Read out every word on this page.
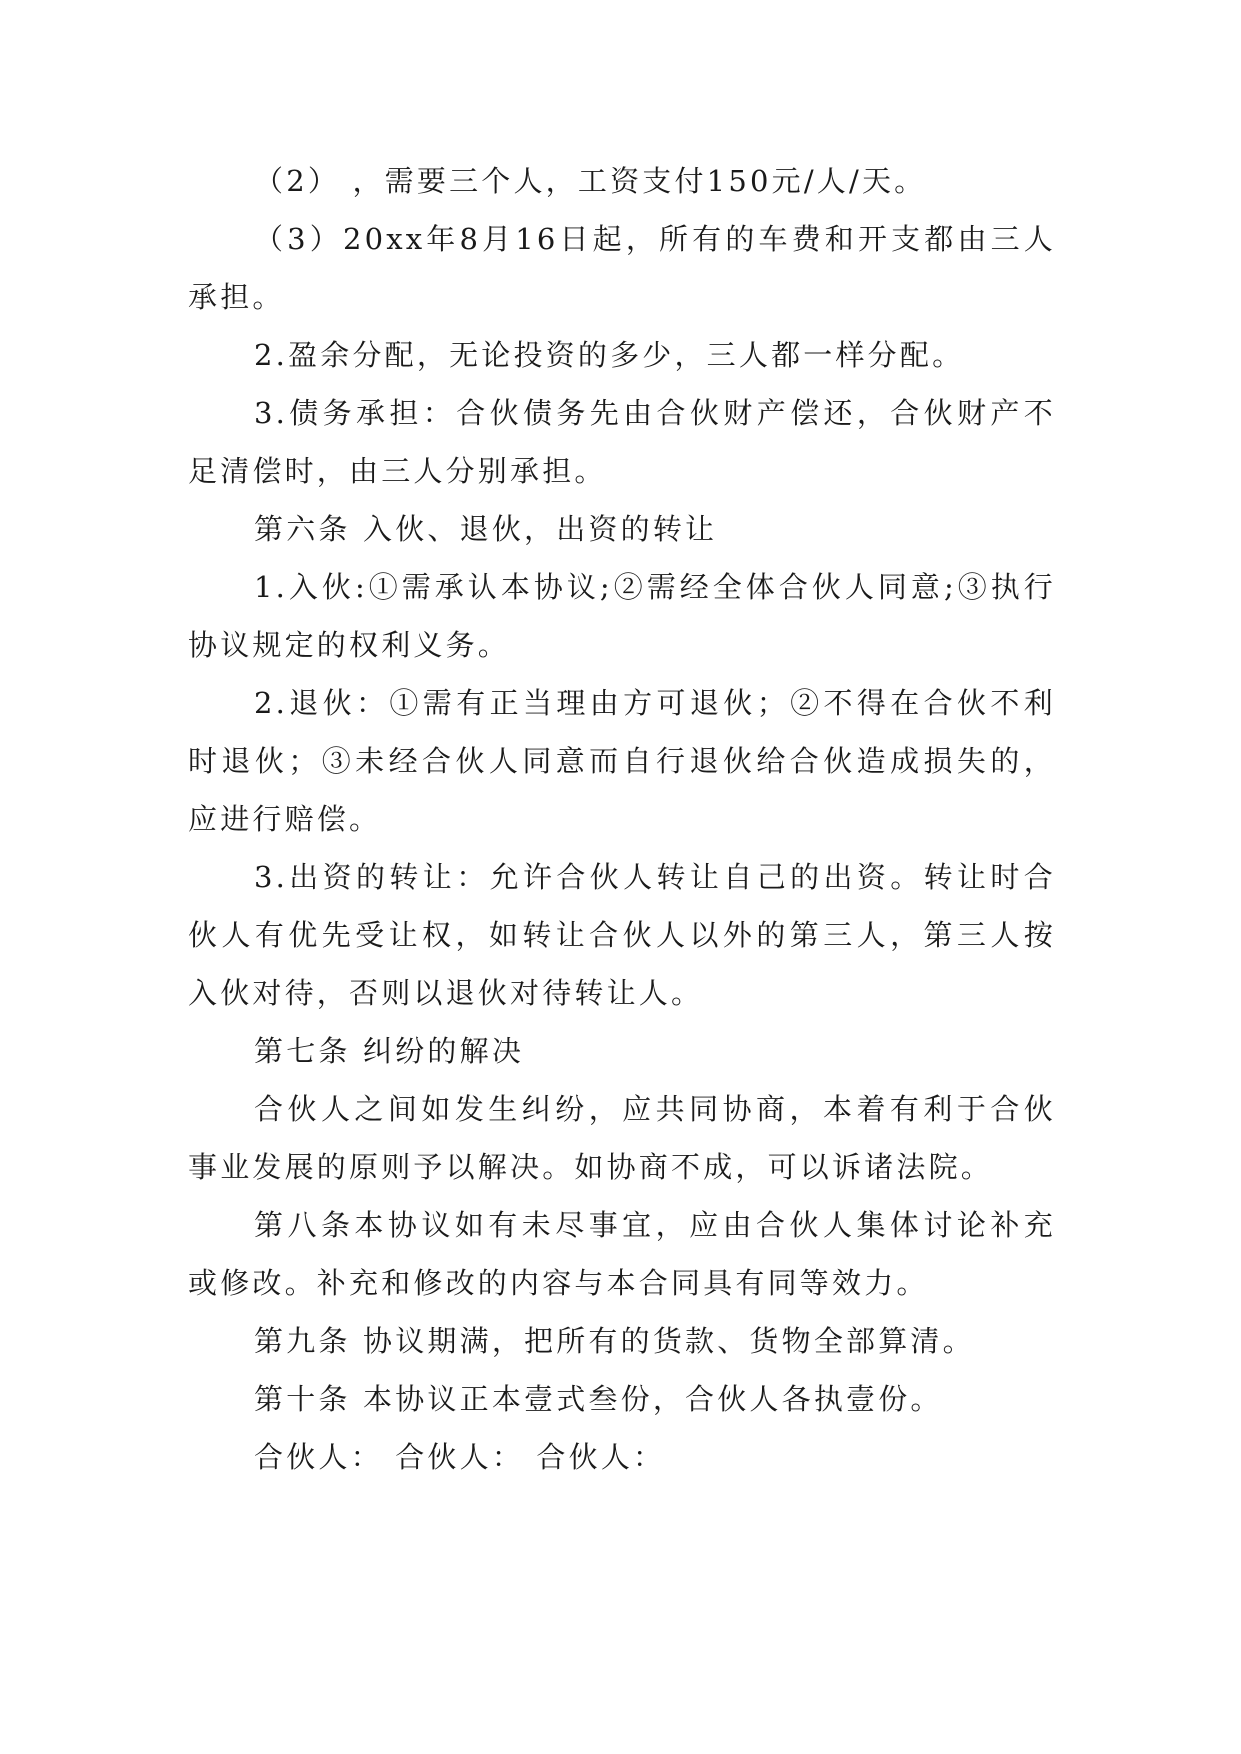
（2） ，需要三个人，工资支付150元/人/天。

（3）20xx年8月16日起，所有的车费和开支都由三人承担。

2.盈余分配，无论投资的多少，三人都一样分配。

3.债务承担：合伙债务先由合伙财产偿还，合伙财产不足清偿时，由三人分别承担。

第六条 入伙、退伙，出资的转让

1.入伙:①需承认本协议;②需经全体合伙人同意;③执行协议规定的权利义务。

2.退伙：①需有正当理由方可退伙；②不得在合伙不利时退伙；③未经合伙人同意而自行退伙给合伙造成损失的，应进行赔偿。

3.出资的转让：允许合伙人转让自己的出资。转让时合伙人有优先受让权，如转让合伙人以外的第三人，第三人按入伙对待，否则以退伙对待转让人。

第七条 纠纷的解决

合伙人之间如发生纠纷，应共同协商，本着有利于合伙事业发展的原则予以解决。如协商不成，可以诉诸法院。

第八条本协议如有未尽事宜，应由合伙人集体讨论补充或修改。补充和修改的内容与本合同具有同等效力。

第九条 协议期满，把所有的货款、货物全部算清。

第十条 本协议正本壹式叁份，合伙人各执壹份。

合伙人： 合伙人： 合伙人：
